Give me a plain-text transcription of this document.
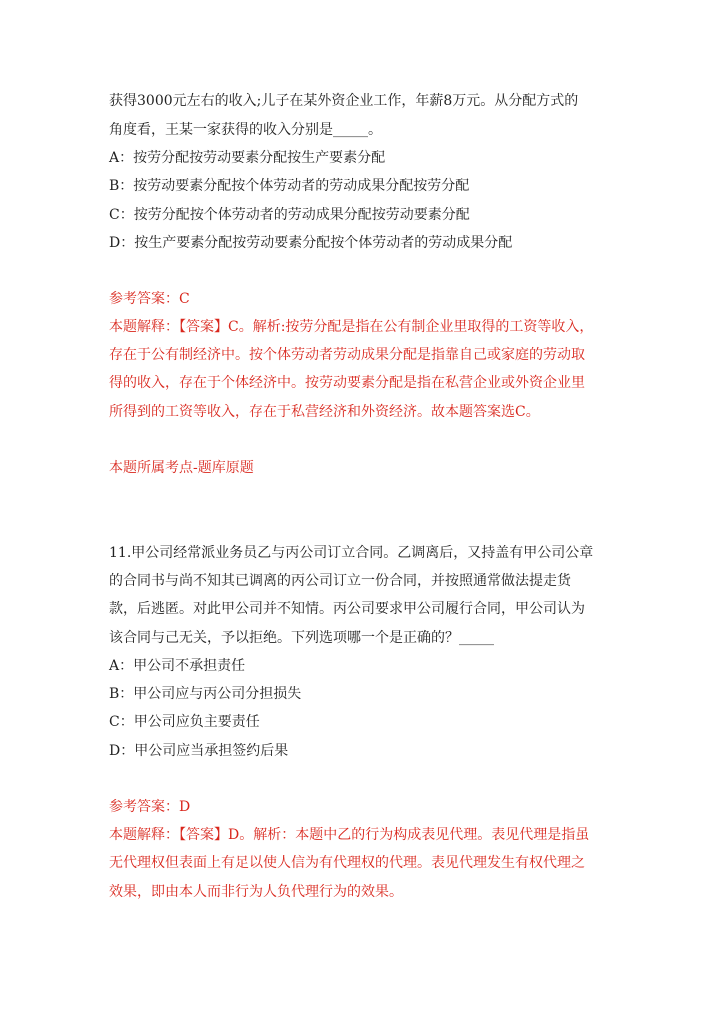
获得3000元左右的收入;儿子在某外资企业工作，年薪8万元。从分配方式的
角度看，王某一家获得的收入分别是_____。
A：按劳分配按劳动要素分配按生产要素分配
B：按劳动要素分配按个体劳动者的劳动成果分配按劳分配
C：按劳分配按个体劳动者的劳动成果分配按劳动要素分配
D：按生产要素分配按劳动要素分配按个体劳动者的劳动成果分配
参考答案：C
本题解释：【答案】C。解析:按劳分配是指在公有制企业里取得的工资等收入，
存在于公有制经济中。按个体劳动者劳动成果分配是指靠自己或家庭的劳动取
得的收入，存在于个体经济中。按劳动要素分配是指在私营企业或外资企业里
所得到的工资等收入，存在于私营经济和外资经济。故本题答案选C。
本题所属考点-题库原题
11.甲公司经常派业务员乙与丙公司订立合同。乙调离后，又持盖有甲公司公章
的合同书与尚不知其已调离的丙公司订立一份合同，并按照通常做法提走货
款，后逃匿。对此甲公司并不知情。丙公司要求甲公司履行合同，甲公司认为
该合同与己无关，予以拒绝。下列选项哪一个是正确的？_____
A：甲公司不承担责任
B：甲公司应与丙公司分担损失
C：甲公司应负主要责任
D：甲公司应当承担签约后果
参考答案：D
本题解释：【答案】D。解析：本题中乙的行为构成表见代理。表见代理是指虽
无代理权但表面上有足以使人信为有代理权的代理。表见代理发生有权代理之
效果，即由本人而非行为人负代理行为的效果。
